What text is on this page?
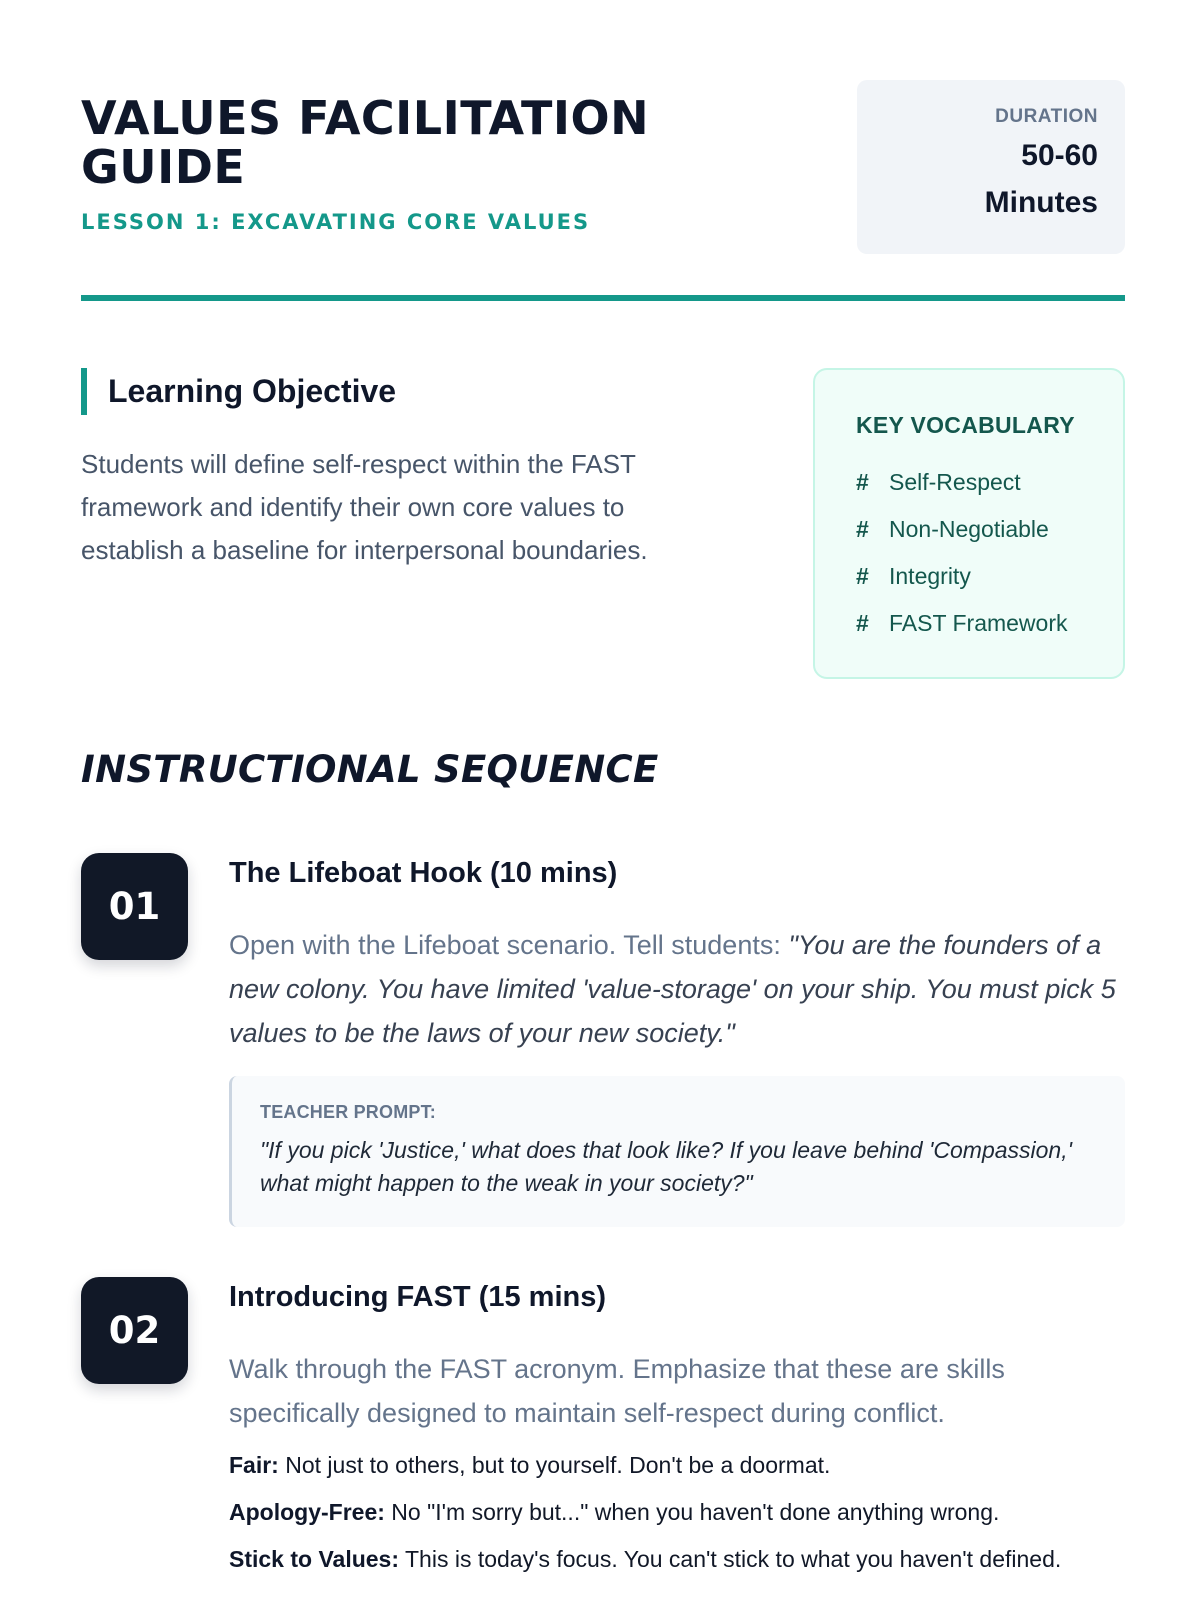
VALUES FACILITATION GUIDE
LESSON 1: EXCAVATING CORE VALUES
DURATION
50-60
Minutes
Learning Objective
Students will define self-respect within the FAST framework and identify their own core values to establish a baseline for interpersonal boundaries.
KEY VOCABULARY
# Self-Respect
# Non-Negotiable
# Integrity
# FAST Framework
INSTRUCTIONAL SEQUENCE
01
The Lifeboat Hook (10 mins)
Open with the Lifeboat scenario. Tell students: "You are the founders of a new colony. You have limited 'value-storage' on your ship. You must pick 5 values to be the laws of your new society."
TEACHER PROMPT:
"If you pick 'Justice,' what does that look like? If you leave behind 'Compassion,' what might happen to the weak in your society?"
02
Introducing FAST (15 mins)
Walk through the FAST acronym. Emphasize that these are skills specifically designed to maintain self-respect during conflict.
Fair: Not just to others, but to yourself. Don't be a doormat.
Apology-Free: No "I'm sorry but..." when you haven't done anything wrong.
Stick to Values: This is today's focus. You can't stick to what you haven't defined.
